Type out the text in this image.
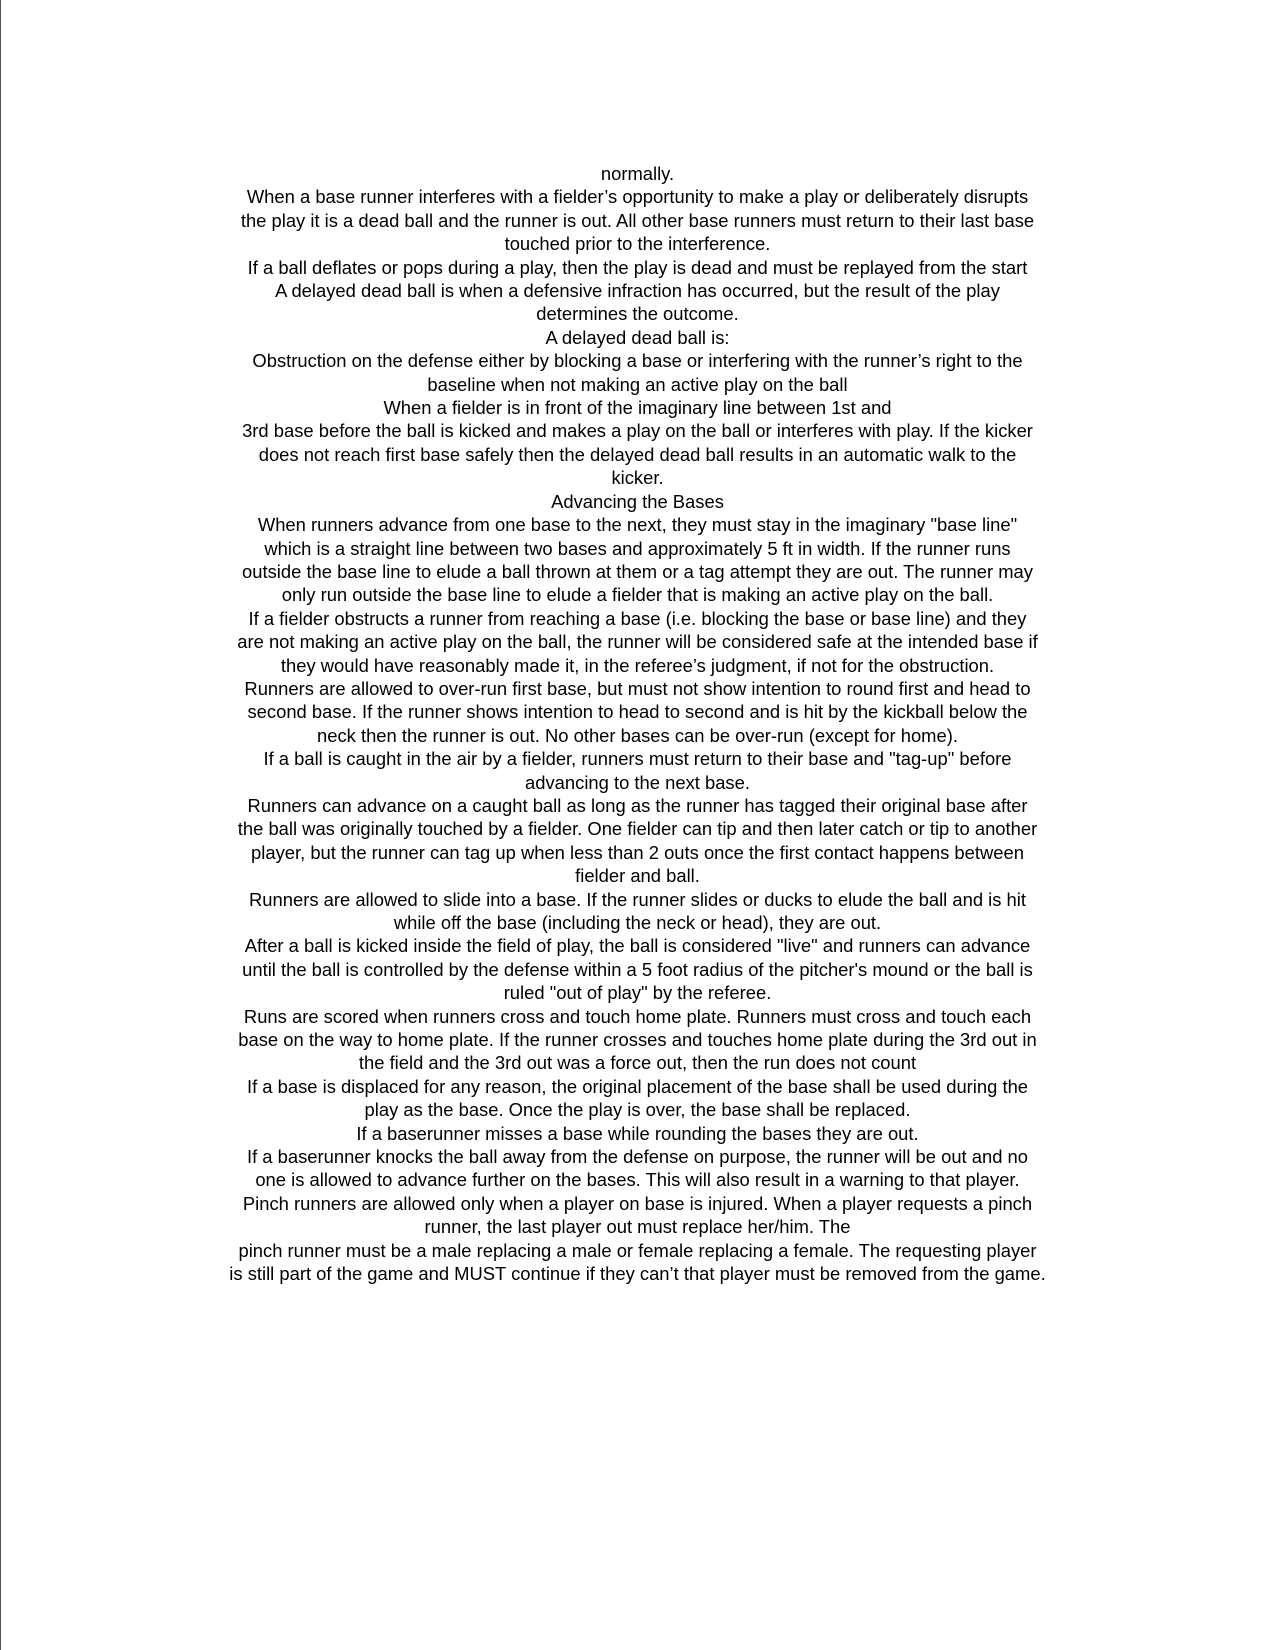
normally.
When a base runner interferes with a fielder’s opportunity to make a play or deliberately disrupts
the play it is a dead ball and the runner is out. All other base runners must return to their last base
touched prior to the interference.
If a ball deflates or pops during a play, then the play is dead and must be replayed from the start
A delayed dead ball is when a defensive infraction has occurred, but the result of the play
determines the outcome.
A delayed dead ball is:
Obstruction on the defense either by blocking a base or interfering with the runner’s right to the
baseline when not making an active play on the ball
When a fielder is in front of the imaginary line between 1st and
3rd base before the ball is kicked and makes a play on the ball or interferes with play. If the kicker
does not reach first base safely then the delayed dead ball results in an automatic walk to the
kicker.
Advancing the Bases
When runners advance from one base to the next, they must stay in the imaginary "base line"
which is a straight line between two bases and approximately 5 ft in width. If the runner runs
outside the base line to elude a ball thrown at them or a tag attempt they are out. The runner may
only run outside the base line to elude a fielder that is making an active play on the ball.
If a fielder obstructs a runner from reaching a base (i.e. blocking the base or base line) and they
are not making an active play on the ball, the runner will be considered safe at the intended base if
they would have reasonably made it, in the referee’s judgment, if not for the obstruction.
Runners are allowed to over-run first base, but must not show intention to round first and head to
second base. If the runner shows intention to head to second and is hit by the kickball below the
neck then the runner is out. No other bases can be over-run (except for home).
If a ball is caught in the air by a fielder, runners must return to their base and "tag-up" before
advancing to the next base.
Runners can advance on a caught ball as long as the runner has tagged their original base after
the ball was originally touched by a fielder. One fielder can tip and then later catch or tip to another
player, but the runner can tag up when less than 2 outs once the first contact happens between
fielder and ball.
Runners are allowed to slide into a base. If the runner slides or ducks to elude the ball and is hit
while off the base (including the neck or head), they are out.
After a ball is kicked inside the field of play, the ball is considered "live" and runners can advance
until the ball is controlled by the defense within a 5 foot radius of the pitcher's mound or the ball is
ruled "out of play" by the referee.
Runs are scored when runners cross and touch home plate. Runners must cross and touch each
base on the way to home plate. If the runner crosses and touches home plate during the 3rd out in
the field and the 3rd out was a force out, then the run does not count
If a base is displaced for any reason, the original placement of the base shall be used during the
play as the base. Once the play is over, the base shall be replaced.
If a baserunner misses a base while rounding the bases they are out.
If a baserunner knocks the ball away from the defense on purpose, the runner will be out and no
one is allowed to advance further on the bases. This will also result in a warning to that player.
Pinch runners are allowed only when a player on base is injured. When a player requests a pinch
runner, the last player out must replace her/him. The
pinch runner must be a male replacing a male or female replacing a female. The requesting player
is still part of the game and MUST continue if they can’t that player must be removed from the game.
